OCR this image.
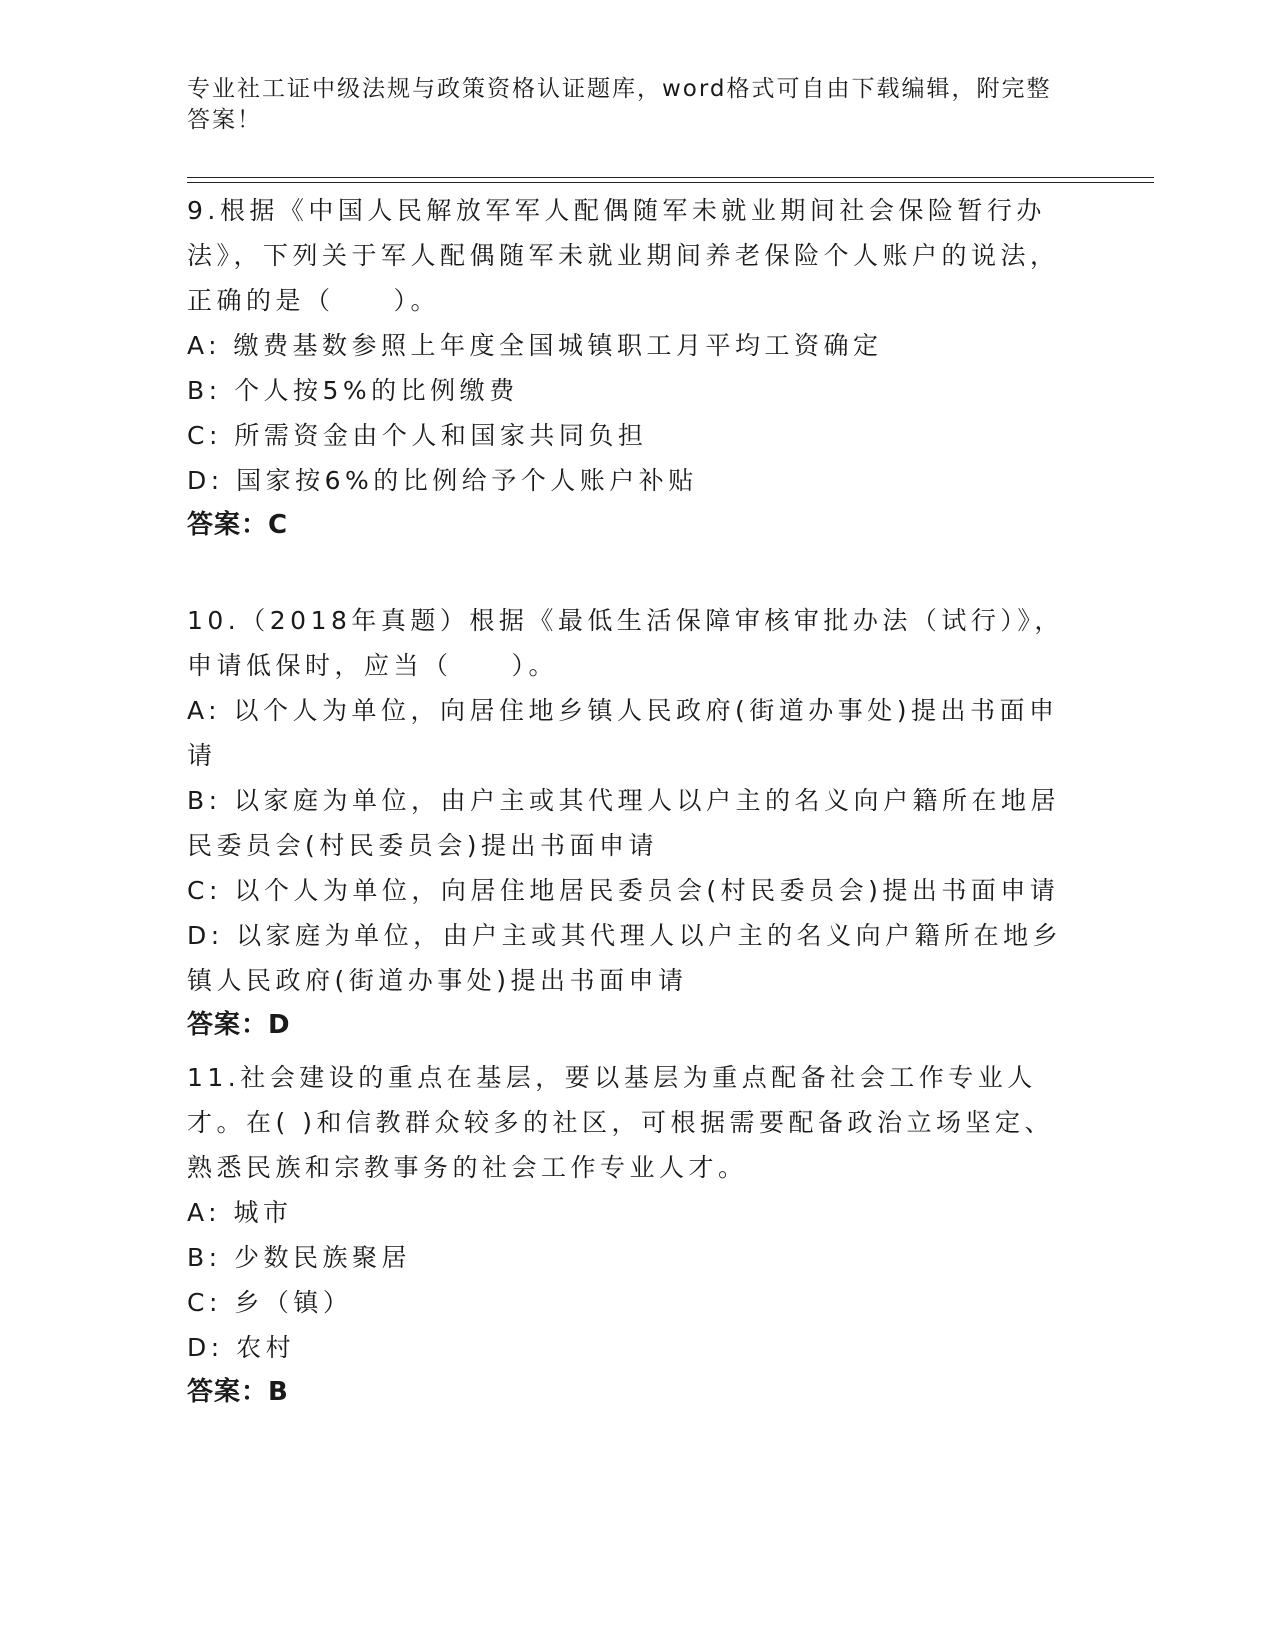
专业社工证中级法规与政策资格认证题库，word格式可自由下载编辑，附完整答案！

9.根据《中国人民解放军军人配偶随军未就业期间社会保险暂行办法》，下列关于军人配偶随军未就业期间养老保险个人账户的说法，正确的是（　　）。

A: 缴费基数参照上年度全国城镇职工月平均工资确定

B: 个人按5%的比例缴费

C: 所需资金由个人和国家共同负担

D: 国家按6%的比例给予个人账户补贴

答案：C

10.（2018年真题）根据《最低生活保障审核审批办法（试行）》，申请低保时，应当（　　）。

A: 以个人为单位，向居住地乡镇人民政府(街道办事处)提出书面申请

B: 以家庭为单位，由户主或其代理人以户主的名义向户籍所在地居民委员会(村民委员会)提出书面申请

C: 以个人为单位，向居住地居民委员会(村民委员会)提出书面申请

D: 以家庭为单位，由户主或其代理人以户主的名义向户籍所在地乡镇人民政府(街道办事处)提出书面申请

答案：D

11.社会建设的重点在基层，要以基层为重点配备社会工作专业人才。在( )和信教群众较多的社区，可根据需要配备政治立场坚定、熟悉民族和宗教事务的社会工作专业人才。

A: 城市

B: 少数民族聚居

C: 乡（镇）

D: 农村

答案：B
